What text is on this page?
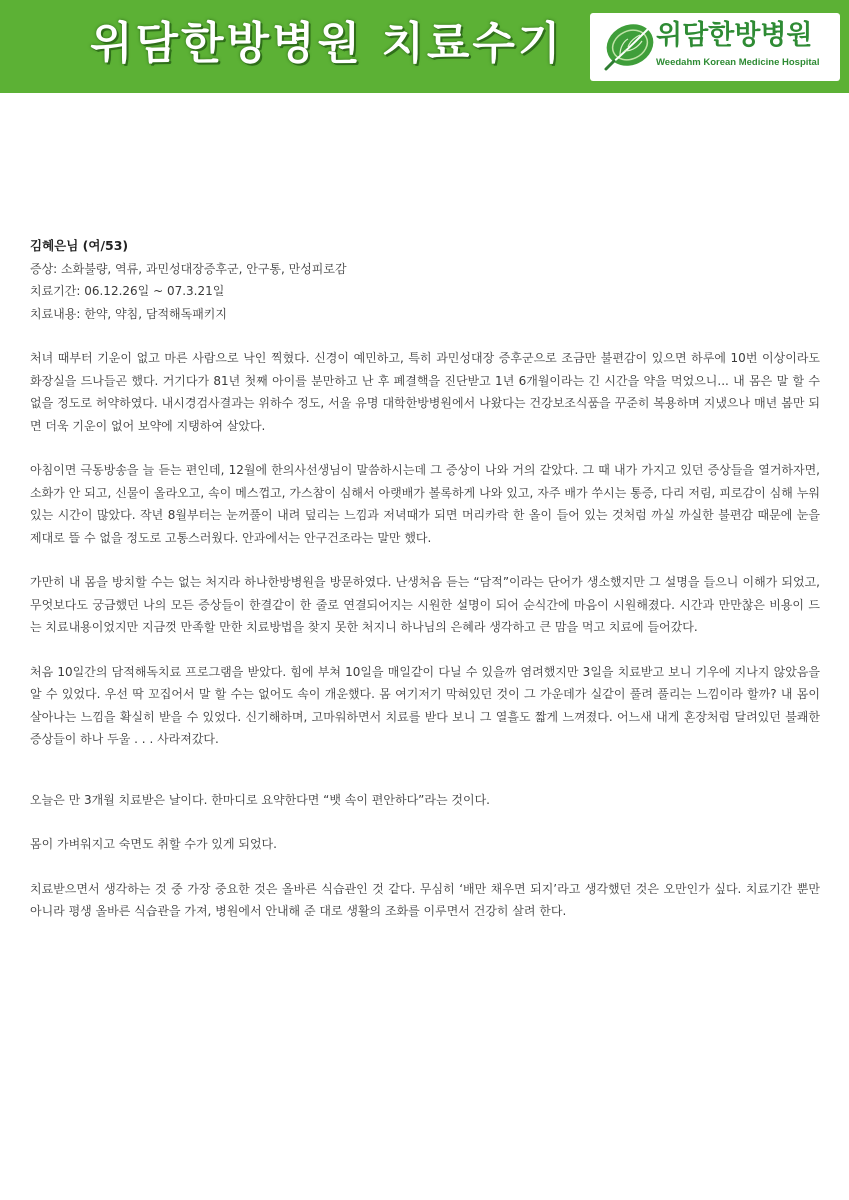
위담한방병원 치료수기	위담한방병원
Weedahm Korean Medicine Hospital
김혜은님 (여/53)

증상: 소화불량, 역류, 과민성대장증후군, 안구통, 만성피로감

치료기간: 06.12.26일 ~ 07.3.21일

치료내용: 한약, 약침, 담적해독패키지

처녀 때부터 기운이 없고 마른 사람으로 낙인 찍혔다. 신경이 예민하고, 특히 과민성대장 증후군으로 조금만 불편감이 있으면 하루에 10번 이상이라도 화장실을 드나들곤 했다. 거기다가 81년 첫째 아이를 분만하고 난 후 폐결핵을 진단받고 1년 6개월이라는 긴 시간을 약을 먹었으니... 내 몸은 말 할 수 없을 정도로 허약하였다. 내시경검사결과는 위하수 정도, 서울 유명 대학한방병원에서 나왔다는 건강보조식품을 꾸준히 복용하며 지냈으나 매년 봄만 되면 더욱 기운이 없어 보약에 지탱하여 살았다.

아침이면 극동방송을 늘 듣는 편인데, 12월에 한의사선생님이 말씀하시는데 그 증상이 나와 거의 같았다. 그 때 내가 가지고 있던 증상들을 열거하자면, 소화가 안 되고, 신물이 올라오고, 속이 메스껍고, 가스참이 심해서 아랫배가 볼록하게 나와 있고, 자주 배가 쑤시는 통증, 다리 저림, 피로감이 심해 누워있는 시간이 많았다. 작년 8월부터는 눈꺼풀이 내려 덮리는 느낌과 저녁때가 되면 머리카락 한 올이 들어 있는 것처럼 까실 까실한 불편감 때문에 눈을 제대로 뜰 수 없을 정도로 고통스러웠다. 안과에서는 안구건조라는 말만 했다.

가만히 내 몸을 방치할 수는 없는 처지라 하나한방병원을 방문하였다. 난생처음 듣는 “담적”이라는 단어가 생소했지만 그 설명을 들으니 이해가 되었고, 무엇보다도 궁금했던 나의 모든 증상들이 한결같이 한 줄로 연결되어지는 시원한 설명이 되어 순식간에 마음이 시원해졌다. 시간과 만만찮은 비용이 드는 치료내용이었지만 지금껏 만족할 만한 치료방법을 찾지 못한 처지니 하나님의 은혜라 생각하고 큰 맘을 먹고 치료에 들어갔다.

처음 10일간의 담적해독치료 프로그램을 받았다. 힘에 부쳐 10일을 매일같이 다닐 수 있을까 염려했지만 3일을 치료받고 보니 기우에 지나지 않았음을 알 수 있었다. 우선 딱 꼬집어서 말 할 수는 없어도 속이 개운했다. 몸 여기저기 막혀있던 것이 그 가운데가 실같이 풀려 풀리는 느낌이라 할까? 내 몸이 살아나는 느낌을 확실히 받을 수 있었다. 신기해하며, 고마워하면서 치료를 받다 보니 그 열흘도 짧게 느껴졌다. 어느새 내게 혼장처럼 달려있던 불쾌한 증상들이 하나 두울 . . . 사라져갔다.

오늘은 만 3개월 치료받은 날이다. 한마디로 요약한다면 “뱃 속이 편안하다”라는 것이다.

몸이 가벼워지고 숙면도 취할 수가 있게 되었다.

치료받으면서 생각하는 것 중 가장 중요한 것은 올바른 식습관인 것 같다. 무심히 ‘배만 채우면 되지’라고 생각했던 것은 오만인가 싶다. 치료기간 뿐만 아니라 평생 올바른 식습관을 가져, 병원에서 안내해 준 대로 생활의 조화를 이루면서 건강히 살려 한다.
